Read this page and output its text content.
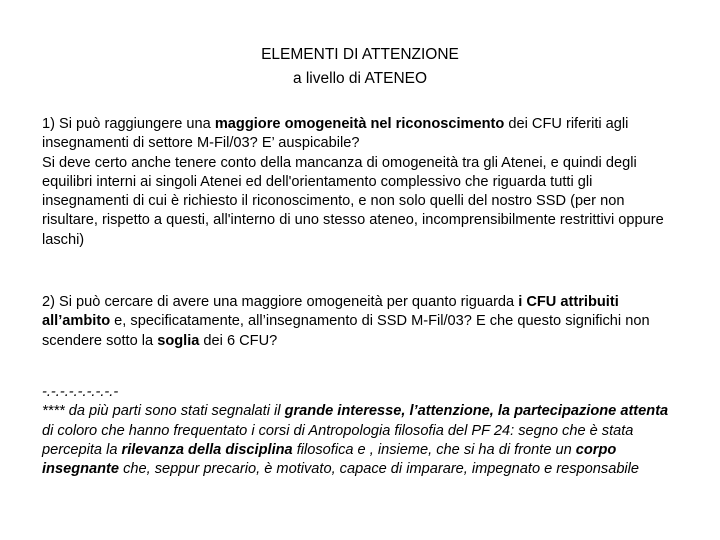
ELEMENTI DI ATTENZIONE
a livello di ATENEO

1) Si può raggiungere una maggiore omogeneità nel riconoscimento dei CFU riferiti agli insegnamenti di settore M-Fil/03? E’ auspicabile?

Si deve certo anche tenere conto della mancanza di omogeneità tra gli Atenei, e quindi degli equilibri interni ai singoli Atenei ed dell'orientamento complessivo che riguarda tutti gli insegnamenti di cui è richiesto il riconoscimento, e non solo quelli del nostro SSD (per non risultare, rispetto a questi, all'interno di uno stesso ateneo, incomprensibilmente restrittivi oppure laschi)

2) Si può cercare di avere una maggiore omogeneità per quanto riguarda i CFU attribuiti all’ambito e, specificatamente, all’insegnamento di SSD M-Fil/03? E che questo significhi non scendere sotto la soglia dei 6 CFU?

-.-.-.-.-.-.-.-.-

**** da più parti sono stati segnalati il grande interesse, l’attenzione, la partecipazione attenta di coloro che hanno frequentato i corsi di Antropologia filosofia del PF 24: segno che è stata percepita la rilevanza della disciplina filosofica e , insieme, che si ha di fronte un corpo insegnante che, seppur precario, è motivato, capace di imparare, impegnato e responsabile
